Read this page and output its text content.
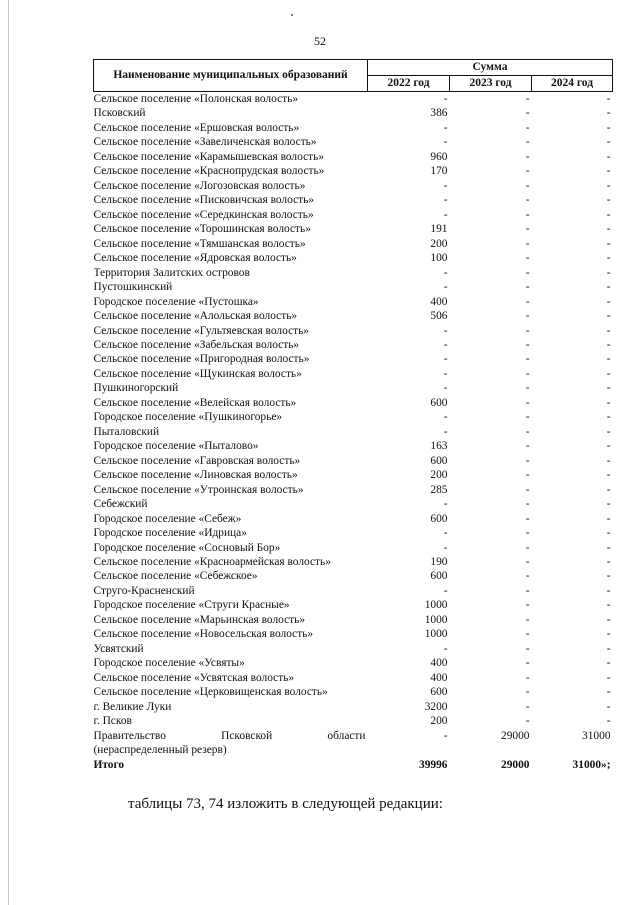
52
Наименование муниципальных образований	Сумма		
	2022 год	2023 год	2024 год
Сельское поселение «Полонская волость»	-	-	-
Псковский	386	-	-
Сельское поселение «Ершовская волость»	-	-	-
Сельское поселение «Завеличенская волость»	-	-	-
Сельское поселение «Карамышевская волость»	960	-	-
Сельское поселение «Краснопрудская волость»	170	-	-
Сельское поселение «Логозовская волость»	-	-	-
Сельское поселение «Писковичская волость»	-	-	-
Сельское поселение «Середкинская волость»	-	-	-
Сельское поселение «Торошинская волость»	191	-	-
Сельское поселение «Тямшанская волость»	200	-	-
Сельское поселение «Ядровская волость»	100	-	-
Территория Залитских островов	-	-	-
Пустошкинский	-	-	-
Городское поселение «Пустошка»	400	-	-
Сельское поселение «Алольская волость»	506	-	-
Сельское поселение «Гультяевская волость»	-	-	-
Сельское поселение «Забельская волость»	-	-	-
Сельское поселение «Пригородная волость»	-	-	-
Сельское поселение «Щукинская волость»	-	-	-
Пушкиногорский	-	-	-
Сельское поселение «Велейская волость»	600	-	-
Городское поселение «Пушкиногорье»	-	-	-
Пыталовский	-	-	-
Городское поселение «Пыталово»	163	-	-
Сельское поселение «Гавровская волость»	600	-	-
Сельское поселение «Линовская волость»	200	-	-
Сельское поселение «Утроинская волость»	285	-	-
Себежский	-	-	-
Городское поселение «Себеж»	600	-	-
Городское поселение «Идрица»	-	-	-
Городское поселение «Сосновый Бор»	-	-	-
Сельское поселение «Красноармейская волость»	190	-	-
Сельское поселение «Себежское»	600	-	-
Струго-Красненский	-	-	-
Городское поселение «Струги Красные»	1000	-	-
Сельское поселение «Марьинская волость»	1000	-	-
Сельское поселение «Новосельская волость»	1000	-	-
Усвятский	-	-	-
Городское поселение «Усвяты»	400	-	-
Сельское поселение «Усвятская волость»	400	-	-
Сельское поселение «Церковищенская волость»	600	-	-
г. Великие Луки	3200	-	-
г. Псков	200	-	-

Правительство Псковской области
(нераспределенный резерв)	-	29000	31000
Итого	39996	29000	31000»;
таблицы 73, 74 изложить в следующей редакции:
